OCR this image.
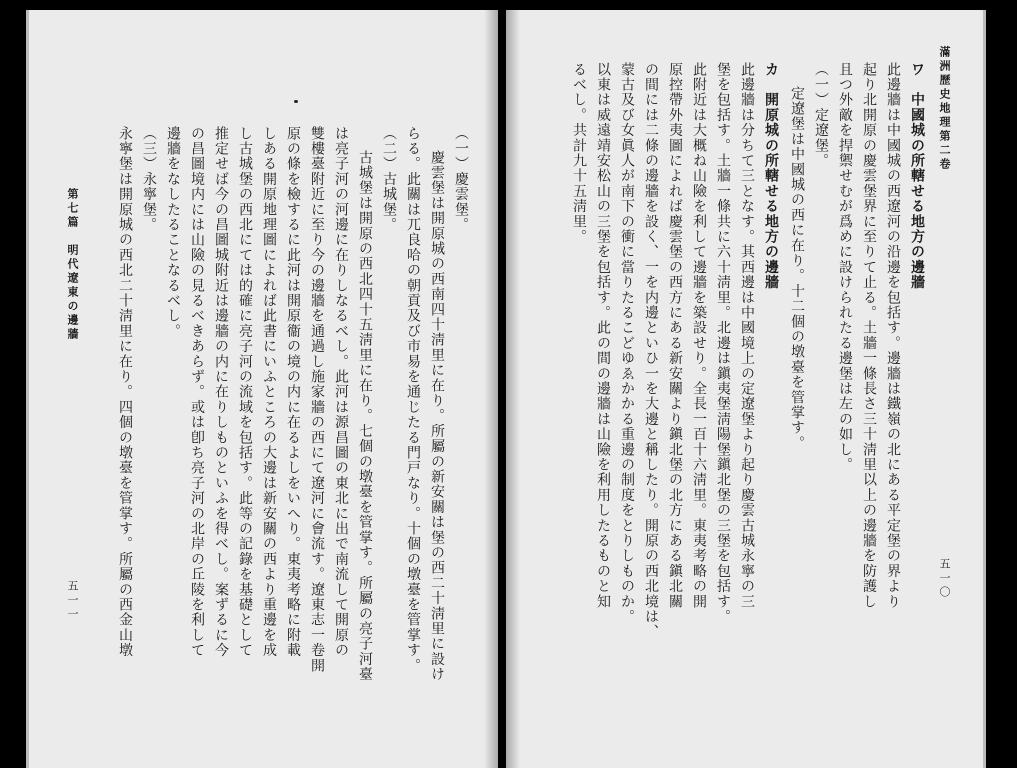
滿洲歷史地理第二卷
五一〇
ワ　中國城の所轄せる地方の邊牆
此邊牆は中國城の西遼河の沿邊を包括す。邊牆は鐵嶺の北にある平定堡の界より
起り北開原の慶雲堡界に至りて止る。土牆一條長さ三十淸里以上の邊牆を防護し
且つ外敵を捍禦せむが爲めに設けられたる邊堡は左の如し。
（一）定遼堡。
定遼堡は中國城の西に在り。十二個の墩臺を管掌す。
カ　開原城の所轄せる地方の邊牆
此邊牆は分ちて三となす。其西邊は中國境上の定遼堡より起り慶雲古城永寧の三
堡を包括す。土牆一條共に六十淸里。北邊は鎭夷堡淸陽堡鎭北堡の三堡を包括す。
此附近は大概ね山險を利して邊牆を築設せり。全長一百十六淸里。東夷考略の開
原控帶外夷圖によれば慶雲堡の西方にある新安關より鎭北堡の北方にある鎭北關
の間には二條の邊牆を設く、一を内邊といひ一を大邊と稱したり。開原の西北境は、
蒙古及び女眞人が南下の衝に當りたるこどゆゑかかる重邊の制度をとりしものか。
以東は威遠靖安松山の三堡を包括す。此の間の邊牆は山險を利用したるものと知
るべし。共計九十五淸里。
（一）慶雲堡。
慶雲堡は開原城の西南四十淸里に在り。所屬の新安關は堡の西二十淸里に設け
らる。此關は兀良哈の朝貢及び市易を通じたる門戸なり。十個の墩臺を管掌す。
（二）古城堡。
古城堡は開原の西北四十五淸里に在り。七個の墩臺を管掌す。所屬の亮子河臺
は亮子河の河邊に在りしなるべし。此河は源昌圖の東北に出で南流して開原の
雙樓臺附近に至り今の邊牆を通過し施家牆の西にて遼河に會流す。遼東志一卷開
原の條を檢するに此河は開原衞の境の内に在るよしをいへり。東夷考略に附載
しある開原地理圖によれば此書にいふところの大邊は新安關の西より重邊を成
し古城堡の西北にては的確に亮子河の流域を包括す。此等の記錄を基礎として
推定せば今の昌圖城附近は邊牆の内に在りしものといふを得べし。案ずるに今
の昌圖境内には山險の見るべきあらず。或は卽ち亮子河の北岸の丘陵を利して
邊牆をなしたることなるべし。
（三）永寧堡。
永寧堡は開原城の西北二十淸里に在り。四個の墩臺を管掌す。所屬の西金山墩
第七篇　明代遼東の邊牆
五一一
